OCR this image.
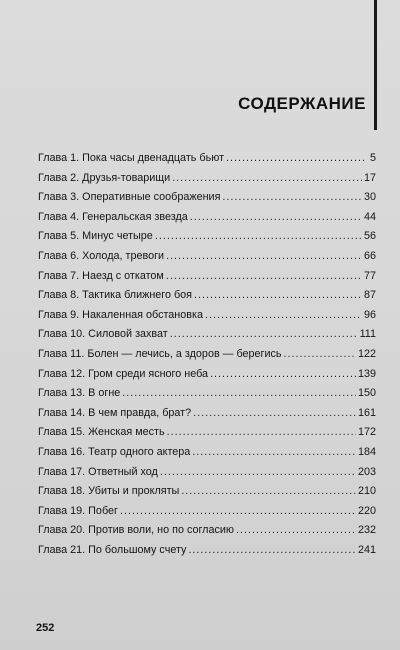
СОДЕРЖАНИЕ
Глава 1. Пока часы двенадцать бьют . . .	5
Глава 2. Друзья-товарищи . . .	17
Глава 3. Оперативные соображения . . .	30
Глава 4. Генеральская звезда . . .	44
Глава 5. Минус четыре . . .	56
Глава 6. Холода, тревоги . . .	66
Глава 7. Наезд с откатом . . .	77
Глава 8. Тактика ближнего боя . . .	87
Глава 9. Накаленная обстановка . . .	96
Глава 10. Силовой захват . . .	111
Глава 11. Болен — лечись, а здоров — берегись . . .	122
Глава 12. Гром среди ясного неба . . .	139
Глава 13. В огне . . .	150
Глава 14. В чем правда, брат? . . .	161
Глава 15. Женская месть . . .	172
Глава 16. Театр одного актера . . .	184
Глава 17. Ответный ход . . .	203
Глава 18. Убиты и прокляты . . .	210
Глава 19. Побег . . .	220
Глава 20. Против воли, но по согласию . . .	232
Глава 21. По большому счету . . .	241
252
